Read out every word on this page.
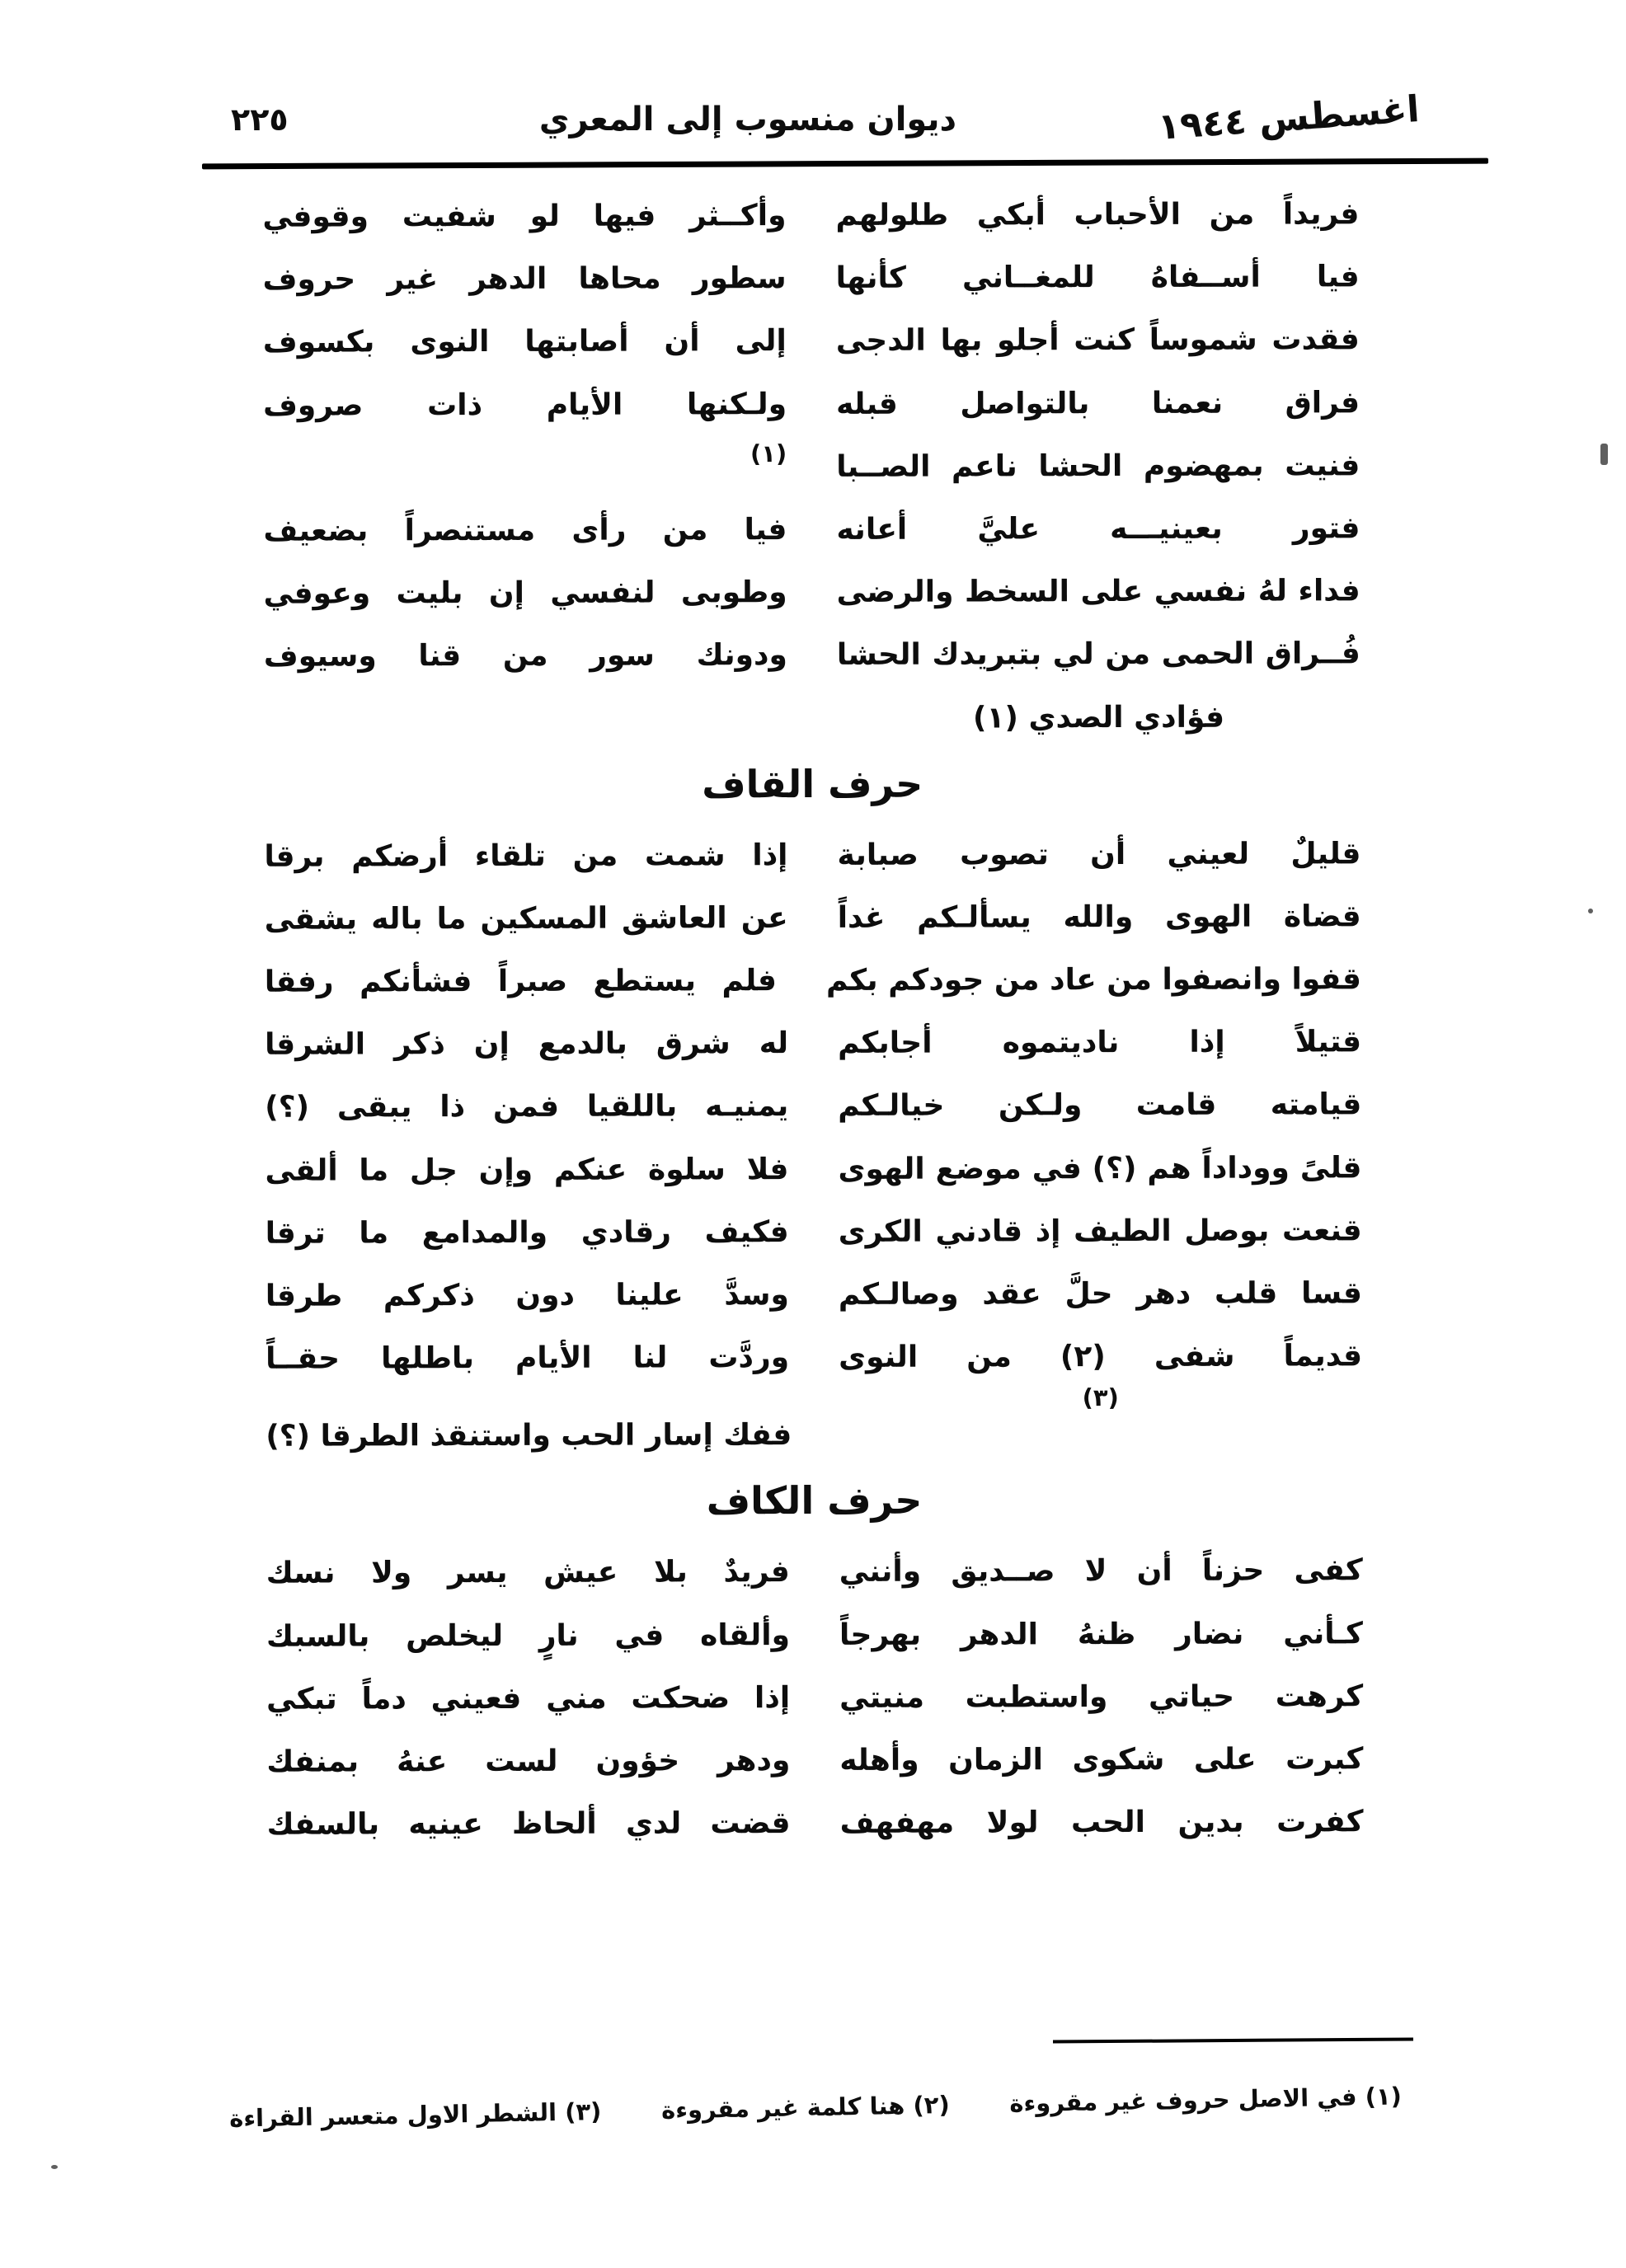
اغسطس ١٩٤٤
ديوان منسوب إلى المعري
٢٢٥
فريداً من الأحباب أبكي طلولهم
وأكــثر فيها لو شفيت وقوفي
فيا أســفاهُ للمغــاني كأنها
سطور محاها الدهر غير حروف
فقدت شموساً كنت أجلو بها الدجى
إلى أن أصابتها النوى بكسوف
فراق نعمنا بالتواصل قبله
ولـكنها الأيام ذات صروف
فنيت بمهضوم الحشا ناعم الصــبا
(١)
فتور بعينيـــه عليَّ أعانه
فيا من رأى مستنصراً بضعيف
فداء لهُ نفسي على السخط والرضى
وطوبى لنفسي إن بليت وعوفي
فُــراق الحمى من لي بتبريدك الحشا
ودونك سور من قنا وسيوف
فؤادي الصدي (١)
حرف القاف
قليلٌ لعيني أن تصوب صبابة
إذا شمت من تلقاء أرضكم برقا
قضاة الهوى والله يسألـكم غداً
عن العاشق المسكين ما باله يشقى
قفوا وانصفوا من عاد من جودكم بكم
فلم يستطع صبراً فشأنكم رفقا
قتيلاً إذا ناديتموه أجابكم
له شرق بالدمع إن ذكر الشرقا
قيامته قامت ولـكن خيالـكم
يمنيـه باللقيا فمن ذا يبقى (؟)
قلىً ووداداً هم (؟) في موضع الهوى
فلا سلوة عنكم وإن جل ما ألقى
قنعت بوصل الطيف إذ قادني الكرى
فكيف رقادي والمدامع ما ترقا
قسا قلب دهر حلَّ عقد وصالـكم
وسدَّ علينا دون ذكركم طرقا
قديماً شفى (٢) من النوى
وردَّت لنا الأيام باطلها حقــاً
(٣)
ففك إسار الحب واستنقذ الطرقا (؟)
حرف الكاف
كفى حزناً أن لا صــديق وأنني
فريدٌ بلا عيش يسر ولا نسك
كـأني نضار ظنهُ الدهر بهرجاً
وألقاه في نارٍ ليخلص بالسبك
كرهت حياتي واستطبت منيتي
إذا ضحكت مني فعيني دماً تبكي
كبرت على شكوى الزمان وأهله
ودهر خؤون لست عنهُ بمنفك
كفرت بدين الحب لولا مهفهف
قضت لدي ألحاظ عينيه بالسفك
(١) في الاصل حروف غير مقروءة
(٢) هنا كلمة غير مقروءة
(٣) الشطر الاول متعسر القراءة
